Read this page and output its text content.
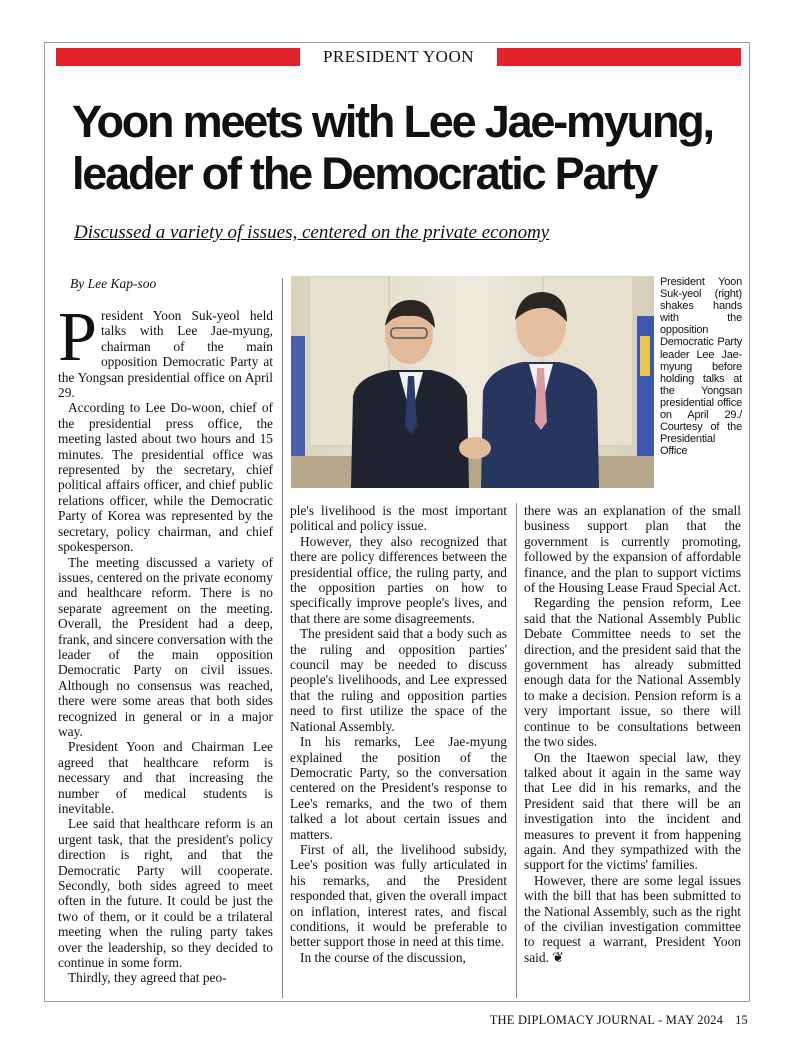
PRESIDENT YOON
Yoon meets with Lee Jae-myung,
leader of the Democratic Party
Discussed a variety of issues, centered on the private economy
By Lee Kap-soo

President Yoon Suk-yeol held talks with Lee Jae-myung, chairman of the main opposition Democratic Party at the Yongsan presidential office on April 29.

According to Lee Do-woon, chief of the presidential press office, the meeting lasted about two hours and 15 minutes. The presidential office was represented by the secretary, chief political affairs officer, and chief public relations officer, while the Democratic Party of Korea was represented by the secretary, policy chairman, and chief spokesperson.

The meeting discussed a variety of issues, centered on the private economy and healthcare reform. There is no separate agreement on the meeting. Overall, the President had a deep, frank, and sincere conversation with the leader of the main opposition Democratic Party on civil issues. Although no consensus was reached, there were some areas that both sides recognized in general or in a major way.

President Yoon and Chairman Lee agreed that healthcare reform is necessary and that increasing the number of medical students is inevitable.

Lee said that healthcare reform is an urgent task, that the president's policy direction is right, and that the Democratic Party will cooperate. Secondly, both sides agreed to meet often in the future. It could be just the two of them, or it could be a trilateral meeting when the ruling party takes over the leadership, so they decided to continue in some form.

Thirdly, they agreed that peo-

President Yoon Suk-yeol (right) shakes hands with the opposition Democratic Party leader Lee Jae-myung before holding talks at the Yongsan presidential office on April 29./ Courtesy of the Presidential Office

ple's livelihood is the most important political and policy issue.

However, they also recognized that there are policy differences between the presidential office, the ruling party, and the opposition parties on how to specifically improve people's lives, and that there are some disagreements.

The president said that a body such as the ruling and opposition parties' council may be needed to discuss people's livelihoods, and Lee expressed that the ruling and opposition parties need to first utilize the space of the National Assembly.

In his remarks, Lee Jae-myung explained the position of the Democratic Party, so the conversation centered on the President's response to Lee's remarks, and the two of them talked a lot about certain issues and matters.

First of all, the livelihood subsidy, Lee's position was fully articulated in his remarks, and the President responded that, given the overall impact on inflation, interest rates, and fiscal conditions, it would be preferable to better support those in need at this time.

In the course of the discussion,

there was an explanation of the small business support plan that the government is currently promoting, followed by the expansion of affordable finance, and the plan to support victims of the Housing Lease Fraud Special Act.

Regarding the pension reform, Lee said that the National Assembly Public Debate Committee needs to set the direction, and the president said that the government has already submitted enough data for the National Assembly to make a decision. Pension reform is a very important issue, so there will continue to be consultations between the two sides.

On the Itaewon special law, they talked about it again in the same way that Lee did in his remarks, and the President said that there will be an investigation into the incident and measures to prevent it from happening again. And they sympathized with the support for the victims' families.

However, there are some legal issues with the bill that has been submitted to the National Assembly, such as the right of the civilian investigation committee to request a warrant, President Yoon said. ❦

THE DIPLOMACY JOURNAL - MAY 2024 15
